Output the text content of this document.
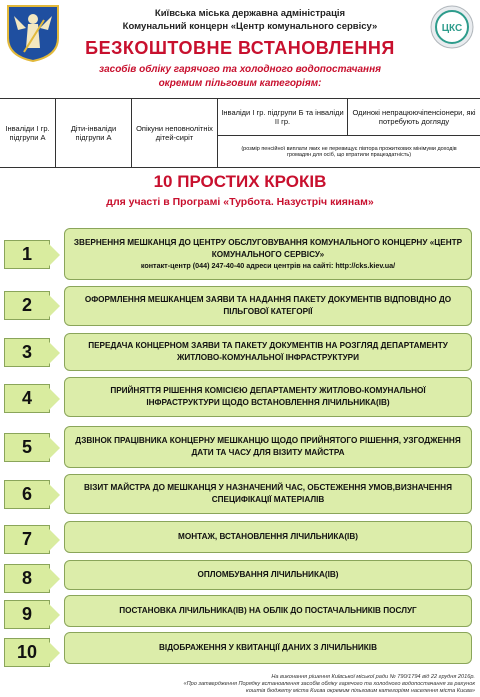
Київська міська державна адміністрація
Комунальний концерн «Центр комунального сервісу»	ЦКС
БЕЗКОШТОВНЕ ВСТАНОВЛЕННЯ
засобів обліку гарячого та холодного водопостачання
окремим пільговим категоріям:
Інваліди І гр. підгрупи А
Діти-інваліди підгрупи А
Опікуни неповнолітніх дітей-сиріт
Інваліди І гр. підгрупи Б та інваліди ІІ гр.
Одинокі непрацюючіпенсіонери, які потребують догляду
(розмір пенсійної виплати яких не перевищує півтора прожиткових мінімуми доходів громадян для осіб, що втратили працездатність)
10 ПРОСТИХ КРОКІВ
для участі в Програмі «Турбота. Назустріч киянам»
1
ЗВЕРНЕННЯ МЕШКАНЦЯ ДО ЦЕНТРУ ОБСЛУГОВУВАННЯ КОМУНАЛЬНОГО КОНЦЕРНУ «ЦЕНТР КОМУНАЛЬНОГО СЕРВІСУ»
контакт-центр (044) 247-40-40 адреси центрів на сайті: http://cks.kiev.ua/
2	ОФОРМЛЕННЯ МЕШКАНЦЕМ ЗАЯВИ ТА НАДАННЯ ПАКЕТУ ДОКУМЕНТІВ ВІДПОВІДНО ДО ПІЛЬГОВОЇ КАТЕГОРІЇ
3	ПЕРЕДАЧА КОНЦЕРНОМ ЗАЯВИ ТА ПАКЕТУ ДОКУМЕНТІВ НА РОЗГЛЯД ДЕПАРТАМЕНТУ ЖИТЛОВО-КОМУНАЛЬНОЇ ІНФРАСТРУКТУРИ
4	ПРИЙНЯТТЯ РІШЕННЯ КОМІСІЄЮ ДЕПАРТАМЕНТУ ЖИТЛОВО-КОМУНАЛЬНОЇ ІНФРАСТРУКТУРИ ЩОДО ВСТАНОВЛЕННЯ ЛІЧИЛЬНИКА(ІВ)
5	ДЗВІНОК ПРАЦІВНИКА КОНЦЕРНУ МЕШКАНЦЮ ЩОДО ПРИЙНЯТОГО РІШЕННЯ, УЗГОДЖЕННЯ ДАТИ ТА ЧАСУ ДЛЯ ВІЗИТУ МАЙСТРА
6	ВІЗИТ МАЙСТРА ДО МЕШКАНЦЯ У НАЗНАЧЕНИЙ ЧАС, ОБСТЕЖЕННЯ УМОВ,ВИЗНАЧЕННЯ СПЕЦИФІКАЦІЇ МАТЕРІАЛІВ
7	МОНТАЖ, ВСТАНОВЛЕННЯ ЛІЧИЛЬНИКА(ІВ)
8	ОПЛОМБУВАННЯ ЛІЧИЛЬНИКА(ІВ)
9	ПОСТАНОВКА ЛІЧИЛЬНИКА(ІВ) НА ОБЛІК ДО ПОСТАЧАЛЬНИКІВ ПОСЛУГ
10	ВІДОБРАЖЕННЯ У КВИТАНЦІЇ ДАНИХ З ЛІЧИЛЬНИКІВ
На виконання рішення Київської міської ради № 790/1794 від 22 грудня 2016р.
«Про затвердження Порядку встановлення засобів обліку гарячого та холодного водопостачання за рахунок
коштів бюджету міста Києва окремим пільговим категоріям населення міста Києва»
